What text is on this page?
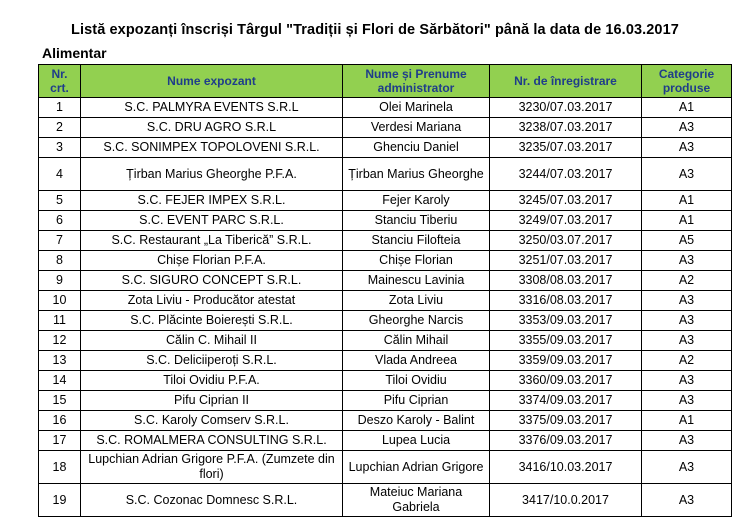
Listă expozanți înscriși Târgul "Tradiții și Flori de Sărbători" până la data de 16.03.2017
Alimentar
Nr. crt.	Nume expozant	Nume și Prenume administrator	Nr. de înregistrare	Categorie produse
1	S.C. PALMYRA EVENTS S.R.L	Olei Marinela	3230/07.03.2017	A1
2	S.C. DRU AGRO S.R.L	Verdesi Mariana	3238/07.03.2017	A3
3	S.C. SONIMPEX TOPOLOVENI S.R.L.	Ghenciu Daniel	3235/07.03.2017	A3
4	Țirban Marius Gheorghe P.F.A.	Țirban Marius Gheorghe	3244/07.03.2017	A3
5	S.C. FEJER IMPEX S.R.L.	Fejer Karoly	3245/07.03.2017	A1
6	S.C. EVENT PARC S.R.L.	Stanciu Tiberiu	3249/07.03.2017	A1
7	S.C. Restaurant „La Tiberică” S.R.L.	Stanciu Filofteia	3250/03.07.2017	A5
8	Chișe Florian P.F.A.	Chișe Florian	3251/07.03.2017	A3
9	S.C. SIGURO CONCEPT S.R.L.	Mainescu Lavinia	3308/08.03.2017	A2
10	Zota Liviu - Producător atestat	Zota Liviu	3316/08.03.2017	A3
11	S.C. Plăcinte Boierești S.R.L.	Gheorghe Narcis	3353/09.03.2017	A3
12	Călin C. Mihail II	Călin Mihail	3355/09.03.2017	A3
13	S.C. Deliciiperoți S.R.L.	Vlada Andreea	3359/09.03.2017	A2
14	Tiloi Ovidiu P.F.A.	Tiloi Ovidiu	3360/09.03.2017	A3
15	Pifu Ciprian II	Pifu Ciprian	3374/09.03.2017	A3
16	S.C. Karoly Comserv S.R.L.	Deszo Karoly - Balint	3375/09.03.2017	A1
17	S.C. ROMALMERA CONSULTING S.R.L.	Lupea Lucia	3376/09.03.2017	A3
18	Lupchian Adrian Grigore P.F.A. (Zumzete din flori)	Lupchian Adrian Grigore	3416/10.03.2017	A3
19	S.C. Cozonac Domnesc S.R.L.	Mateiuc Mariana Gabriela	3417/10.0.2017	A3
